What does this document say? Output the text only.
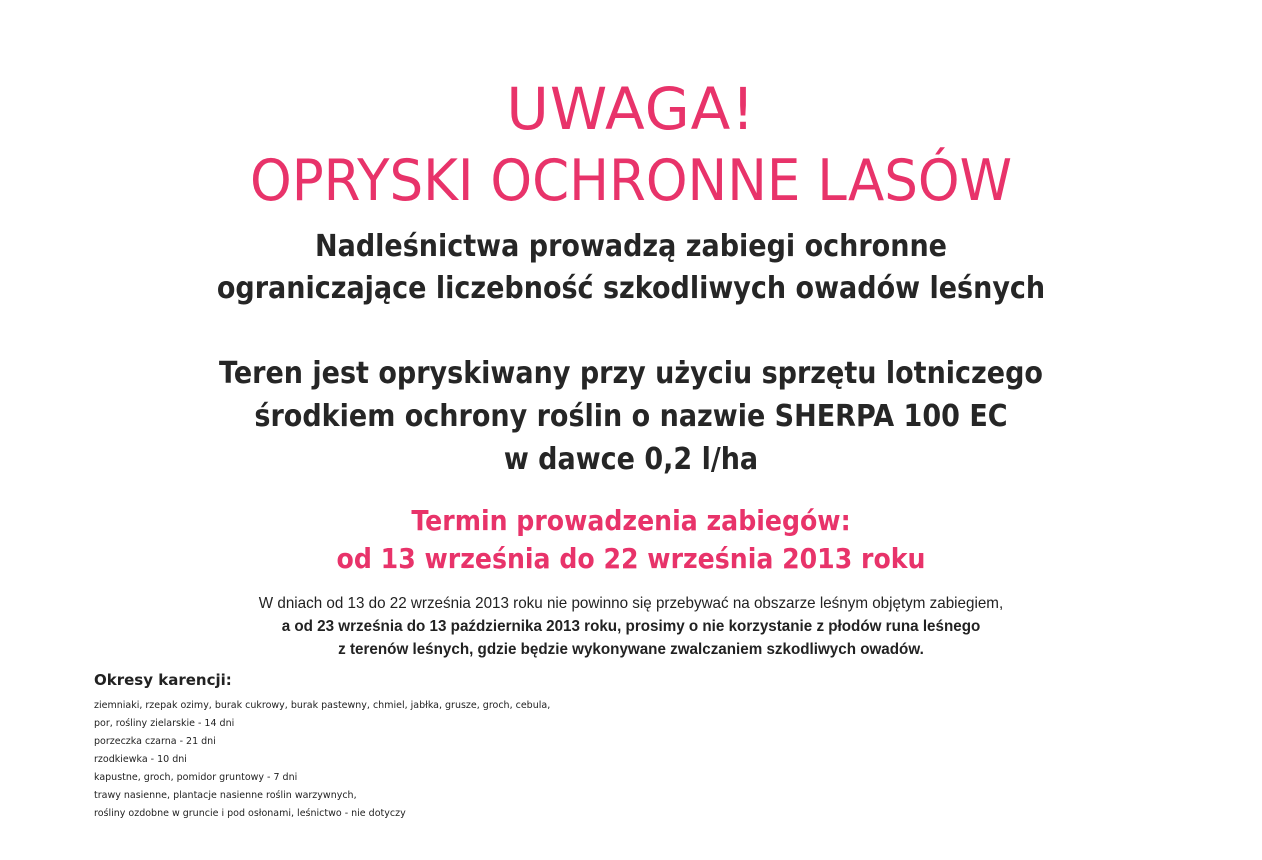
UWAGA!
OPRYSKI OCHRONNE LASÓW
Nadleśnictwa prowadzą zabiegi ochronne
ograniczające liczebność szkodliwych owadów leśnych
Teren jest opryskiwany przy użyciu sprzętu lotniczego
środkiem ochrony roślin o nazwie SHERPA 100 EC
w dawce 0,2 l/ha
Termin prowadzenia zabiegów:
od 13 września do 22 września 2013 roku
W dniach od 13 do 22 września 2013 roku nie powinno się przebywać na obszarze leśnym objętym zabiegiem,
a od 23 września do 13 października 2013 roku, prosimy o nie korzystanie z płodów runa leśnego
z terenów leśnych, gdzie będzie wykonywane zwalczaniem szkodliwych owadów.
Okresy karencji:
ziemniaki, rzepak ozimy, burak cukrowy, burak pastewny, chmiel, jabłka, grusze, groch, cebula,
por, rośliny zielarskie - 14 dni
porzeczka czarna - 21 dni
rzodkiewka - 10 dni
kapustne, groch, pomidor gruntowy - 7 dni
trawy nasienne, plantacje nasienne roślin warzywnych,
rośliny ozdobne w gruncie i pod osłonami, leśnictwo - nie dotyczy
